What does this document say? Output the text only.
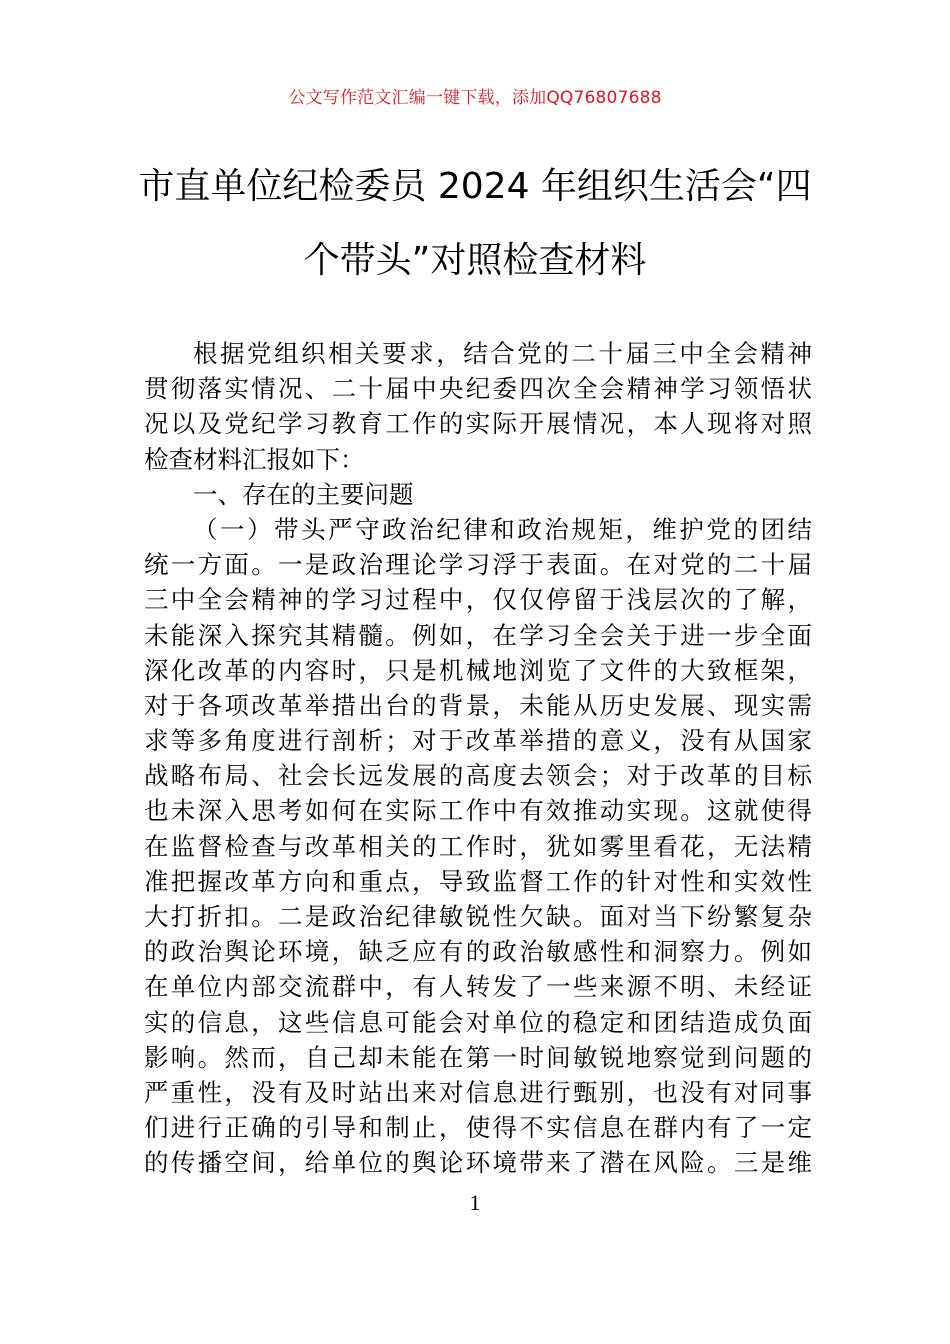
公文写作范文汇编一键下载，添加QQ76807688
市直单位纪检委员 2024 年组织生活会“四
个带头”对照检查材料
根据党组织相关要求，结合党的二十届三中全会精神
贯彻落实情况、二十届中央纪委四次全会精神学习领悟状
况以及党纪学习教育工作的实际开展情况，本人现将对照
检查材料汇报如下：
一、存在的主要问题
（一）带头严守政治纪律和政治规矩，维护党的团结
统一方面。一是政治理论学习浮于表面。在对党的二十届
三中全会精神的学习过程中，仅仅停留于浅层次的了解，
未能深入探究其精髓。例如，在学习全会关于进一步全面
深化改革的内容时，只是机械地浏览了文件的大致框架，
对于各项改革举措出台的背景，未能从历史发展、现实需
求等多角度进行剖析；对于改革举措的意义，没有从国家
战略布局、社会长远发展的高度去领会；对于改革的目标
也未深入思考如何在实际工作中有效推动实现。这就使得
在监督检查与改革相关的工作时，犹如雾里看花，无法精
准把握改革方向和重点，导致监督工作的针对性和实效性
大打折扣。二是政治纪律敏锐性欠缺。面对当下纷繁复杂
的政治舆论环境，缺乏应有的政治敏感性和洞察力。例如
在单位内部交流群中，有人转发了一些来源不明、未经证
实的信息，这些信息可能会对单位的稳定和团结造成负面
影响。然而，自己却未能在第一时间敏锐地察觉到问题的
严重性，没有及时站出来对信息进行甄别，也没有对同事
们进行正确的引导和制止，使得不实信息在群内有了一定
的传播空间，给单位的舆论环境带来了潜在风险。三是维
1
